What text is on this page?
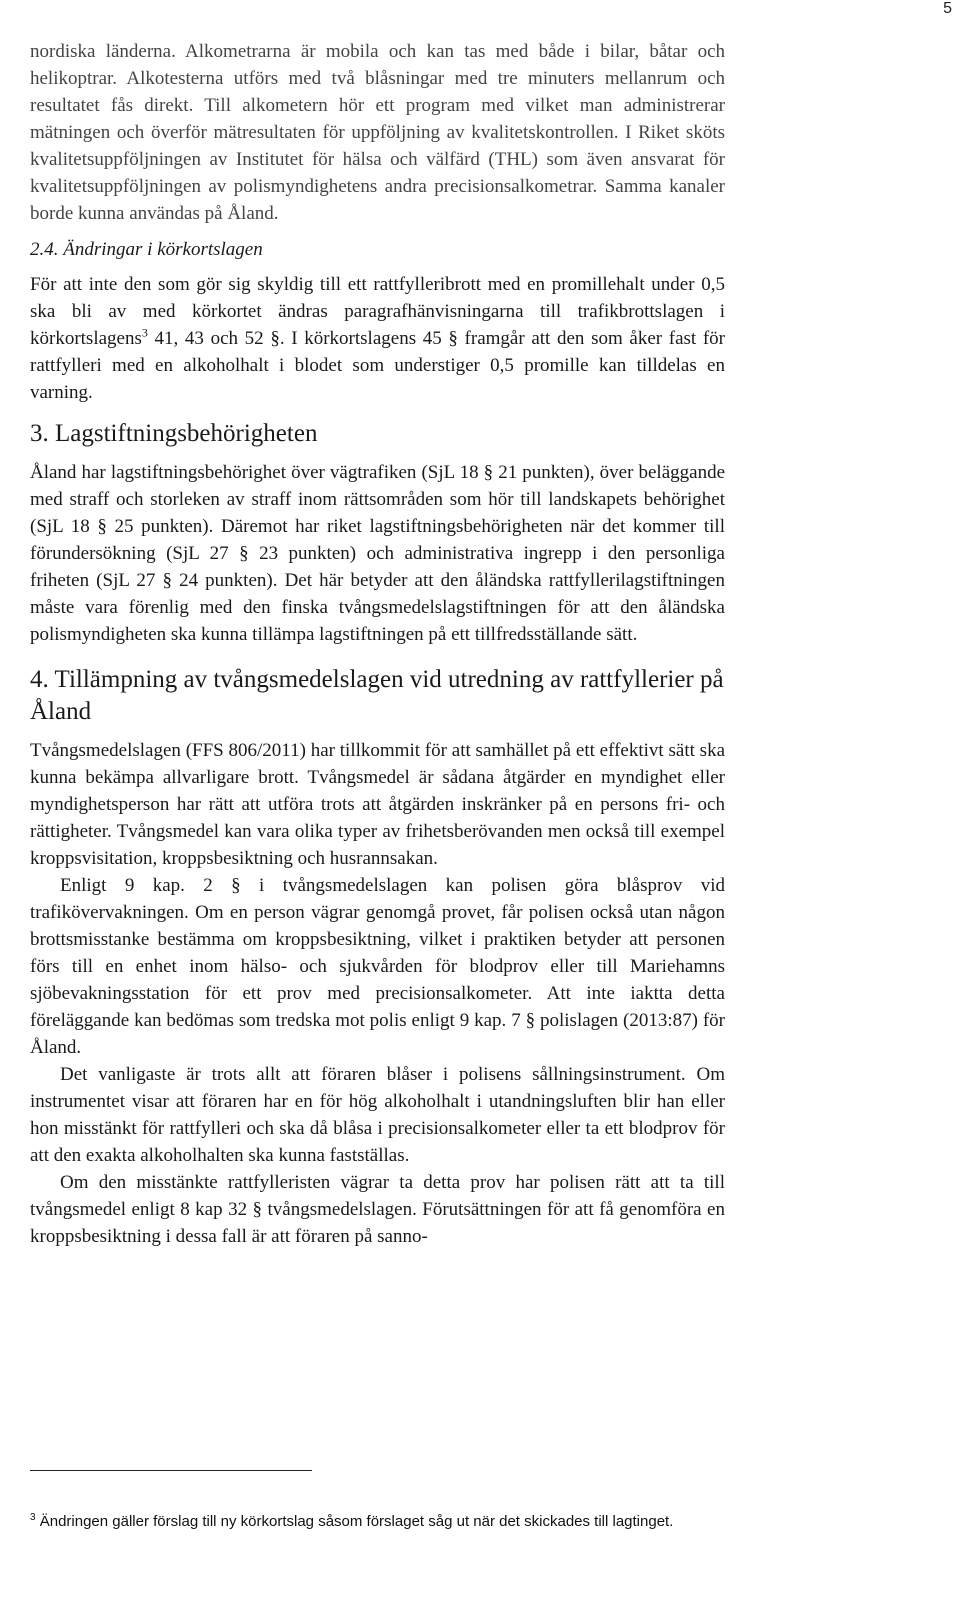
5

nordiska länderna. Alkometrarna är mobila och kan tas med både i bilar, båtar och helikoptrar. Alkotesterna utförs med två blåsningar med tre minuters mellanrum och resultatet fås direkt. Till alkometern hör ett program med vilket man administrerar mätningen och överför mätresultaten för uppföljning av kvalitetskontrollen. I Riket sköts kvalitetsuppföljningen av Institutet för hälsa och välfärd (THL) som även ansvarat för kvalitetsuppföljningen av polismyndighetens andra precisionsalkometrar. Samma kanaler borde kunna användas på Åland.

2.4. Ändringar i körkortslagen

För att inte den som gör sig skyldig till ett rattfylleribrott med en promillehalt under 0,5 ska bli av med körkortet ändras paragrafhänvisningarna till trafikbrottslagen i körkortslagens$^3$ 41, 43 och 52 §. I körkortslagens 45 § framgår att den som åker fast för rattfylleri med en alkoholhalt i blodet som understiger 0,5 promille kan tilldelas en varning.

3. Lagstiftningsbehörigheten

Åland har lagstiftningsbehörighet över vägtrafiken (SjL 18 § 21 punkten), över beläggande med straff och storleken av straff inom rättsområden som hör till landskapets behörighet (SjL 18 § 25 punkten). Däremot har riket lagstiftningsbehörigheten när det kommer till förundersökning (SjL 27 § 23 punkten) och administrativa ingrepp i den personliga friheten (SjL 27 § 24 punkten). Det här betyder att den åländska rattfyllerilagstiftningen måste vara förenlig med den finska tvångsmedelslagstiftningen för att den åländska polismyndigheten ska kunna tillämpa lagstiftningen på ett tillfredsställande sätt.

4. Tillämpning av tvångsmedelslagen vid utredning av rattfyllerier på Åland

Tvångsmedelslagen (FFS 806/2011) har tillkommit för att samhället på ett effektivt sätt ska kunna bekämpa allvarligare brott. Tvångsmedel är sådana åtgärder en myndighet eller myndighetsperson har rätt att utföra trots att åtgärden inskränker på en persons fri- och rättigheter. Tvångsmedel kan vara olika typer av frihetsberövanden men också till exempel kroppsvisitation, kroppsbesiktning och husrannsakan.

Enligt 9 kap. 2 § i tvångsmedelslagen kan polisen göra blåsprov vid trafikövervakningen. Om en person vägrar genomgå provet, får polisen också utan någon brottsmisstanke bestämma om kroppsbesiktning, vilket i praktiken betyder att personen förs till en enhet inom hälso- och sjukvården för blodprov eller till Mariehamns sjöbevakningsstation för ett prov med precisionsalkometer. Att inte iaktta detta föreläggande kan bedömas som tredska mot polis enligt 9 kap. 7 § polislagen (2013:87) för Åland.

Det vanligaste är trots allt att föraren blåser i polisens sållningsinstrument. Om instrumentet visar att föraren har en för hög alkoholhalt i utandningsluften blir han eller hon misstänkt för rattfylleri och ska då blåsa i precisionsalkometer eller ta ett blodprov för att den exakta alkoholhalten ska kunna fastställas.

Om den misstänkte rattfylleristen vägrar ta detta prov har polisen rätt att ta till tvångsmedel enligt 8 kap 32 § tvångsmedelslagen. Förutsättningen för att få genomföra en kroppsbesiktning i dessa fall är att föraren på sanno-

$^3$ Ändringen gäller förslag till ny körkortslag såsom förslaget såg ut när det skickades till lagtinget.
